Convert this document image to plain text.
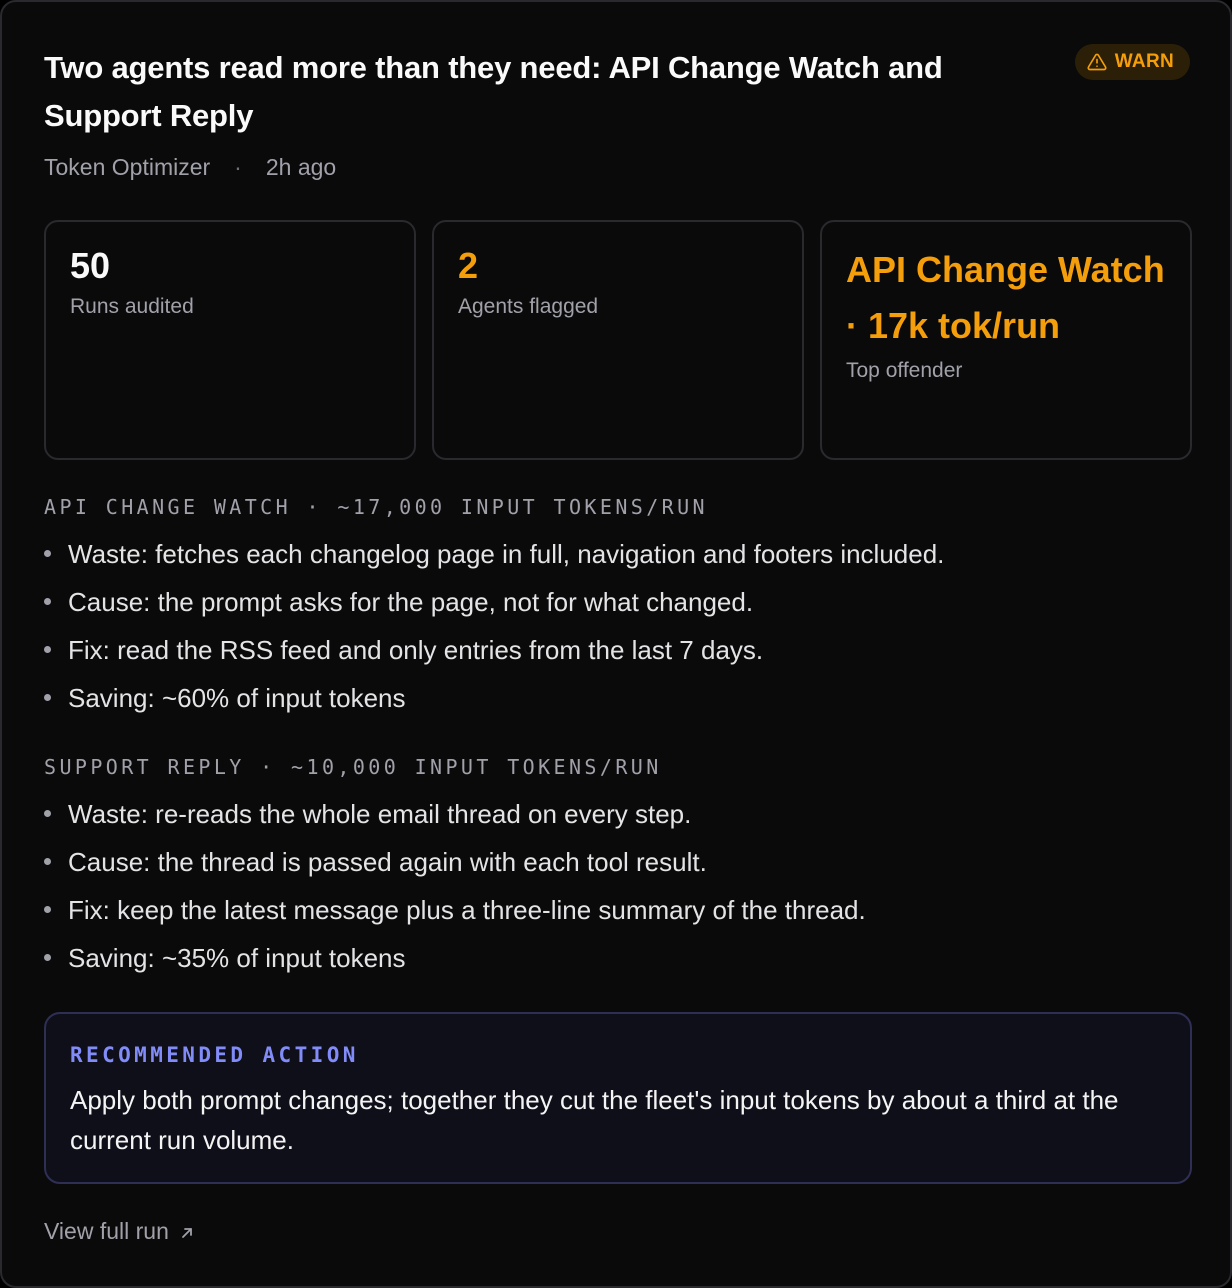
Two agents read more than they need: API Change Watch and Support Reply
WARN
Token Optimizer · 2h ago
50
Runs audited
2
Agents flagged
API Change Watch · 17k tok/run
Top offender
API CHANGE WATCH · ~17,000 INPUT TOKENS/RUN
Waste: fetches each changelog page in full, navigation and footers included.
Cause: the prompt asks for the page, not for what changed.
Fix: read the RSS feed and only entries from the last 7 days.
Saving: ~60% of input tokens
SUPPORT REPLY · ~10,000 INPUT TOKENS/RUN
Waste: re-reads the whole email thread on every step.
Cause: the thread is passed again with each tool result.
Fix: keep the latest message plus a three-line summary of the thread.
Saving: ~35% of input tokens
RECOMMENDED ACTION
Apply both prompt changes; together they cut the fleet's input tokens by about a third at the current run volume.
View full run
